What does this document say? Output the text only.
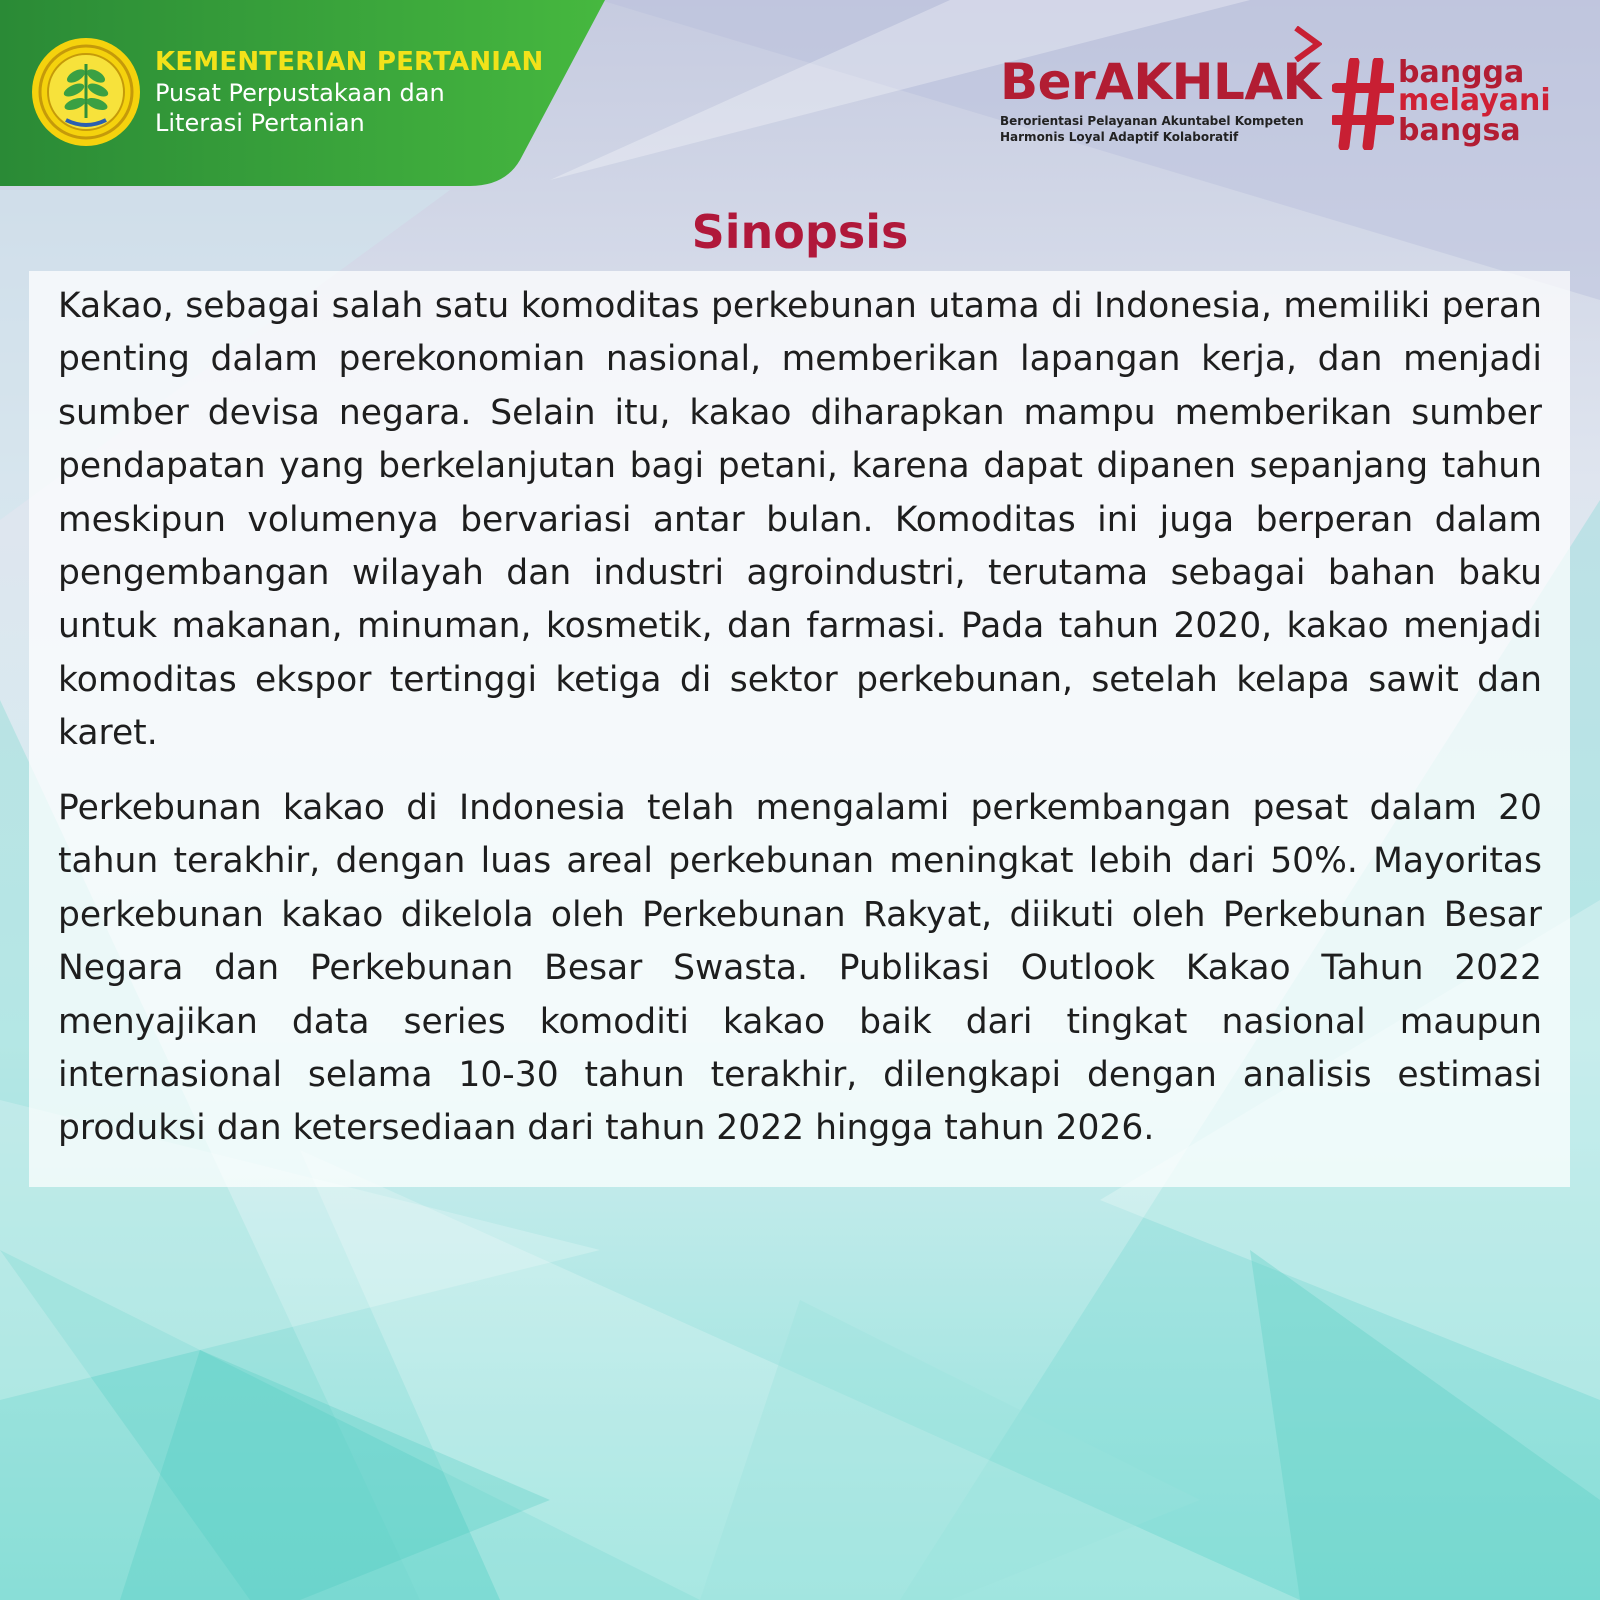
KEMENTERIAN PERTANIAN
Pusat Perpustakaan dan
Literasi Pertanian
BerAKHLAK
Berorientasi Pelayanan Akuntabel Kompeten
Harmonis Loyal Adaptif Kolaboratif
bangga
melayani
bangsa
Sinopsis

Kakao, sebagai salah satu komoditas perkebunan utama di Indonesia, memiliki peran penting dalam perekonomian nasional, memberikan lapangan kerja, dan menjadi sumber devisa negara. Selain itu, kakao diharapkan mampu memberikan sumber pendapatan yang berkelanjutan bagi petani, karena dapat dipanen sepanjang tahun meskipun volumenya bervariasi antar bulan. Komoditas ini juga berperan dalam pengembangan wilayah dan industri agroindustri, terutama sebagai bahan baku untuk makanan, minuman, kosmetik, dan farmasi. Pada tahun 2020, kakao menjadi komoditas ekspor tertinggi ketiga di sektor perkebunan, setelah kelapa sawit dan karet.

Perkebunan kakao di Indonesia telah mengalami perkembangan pesat dalam 20 tahun terakhir, dengan luas areal perkebunan meningkat lebih dari 50%. Mayoritas perkebunan kakao dikelola oleh Perkebunan Rakyat, diikuti oleh Perkebunan Besar Negara dan Perkebunan Besar Swasta. Publikasi Outlook Kakao Tahun 2022 menyajikan data series komoditi kakao baik dari tingkat nasional maupun internasional selama 10-30 tahun terakhir, dilengkapi dengan analisis estimasi produksi dan ketersediaan dari tahun 2022 hingga tahun 2026.
